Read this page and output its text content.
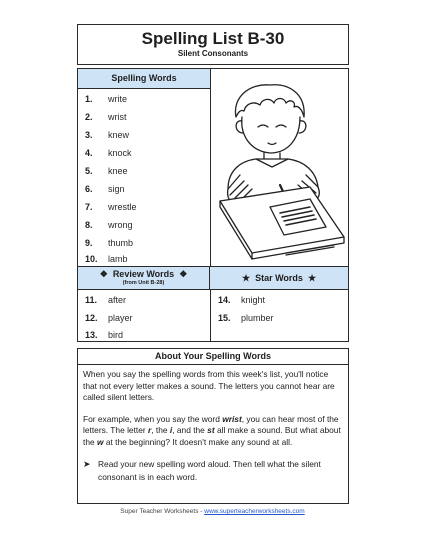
Spelling List B-30
Silent Consonants
Spelling Words
1. write
2. wrist
3. knew
4. knock
5. knee
6. sign
7. wrestle
8. wrong
9. thumb
10. lamb
❖ Review Words ❖
(from Unit B-28)	★ Star Words ★
11. after
12. player
13. bird
14. knight
15. plumber
About Your Spelling Words
When you say the spelling words from this week's list, you'll notice that not every letter makes a sound. The letters you cannot hear are called silent letters.
For example, when you say the word wrist, you can hear most of the letters. The letter r, the i, and the st all make a sound. But what about the w at the beginning? It doesn't make any sound at all.
➤ Read your new spelling word aloud. Then tell what the silent consonant is in each word.
Super Teacher Worksheets - www.superteacherworksheets.com
